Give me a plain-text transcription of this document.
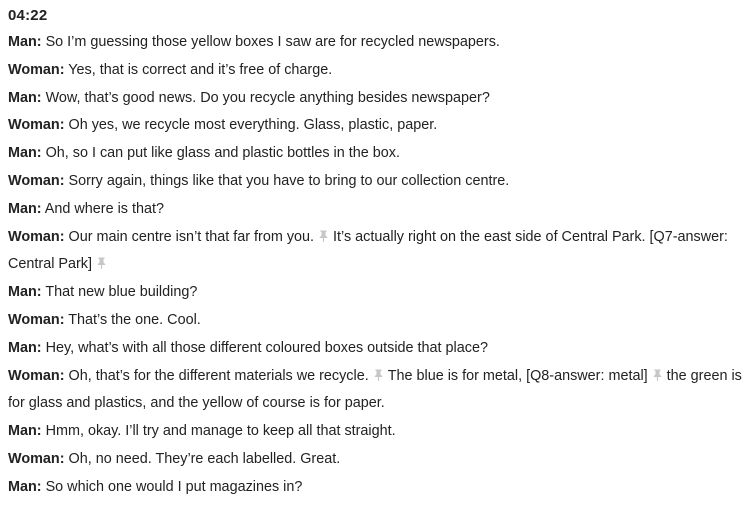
04:22
Man: So I’m guessing those yellow boxes I saw are for recycled newspapers.
Woman: Yes, that is correct and it’s free of charge.
Man: Wow, that’s good news. Do you recycle anything besides newspaper?
Woman: Oh yes, we recycle most everything. Glass, plastic, paper.
Man: Oh, so I can put like glass and plastic bottles in the box.
Woman: Sorry again, things like that you have to bring to our collection centre.
Man: And where is that?
Woman: Our main centre isn’t that far from you. It’s actually right on the east side of Central Park. [Q7-answer: Central Park]
Man: That new blue building?
Woman: That’s the one. Cool.
Man: Hey, what’s with all those different coloured boxes outside that place?
Woman: Oh, that’s for the different materials we recycle. The blue is for metal, [Q8-answer: metal] the green is for glass and plastics, and the yellow of course is for paper.
Man: Hmm, okay. I’ll try and manage to keep all that straight.
Woman: Oh, no need. They’re each labelled. Great.
Man: So which one would I put magazines in?
